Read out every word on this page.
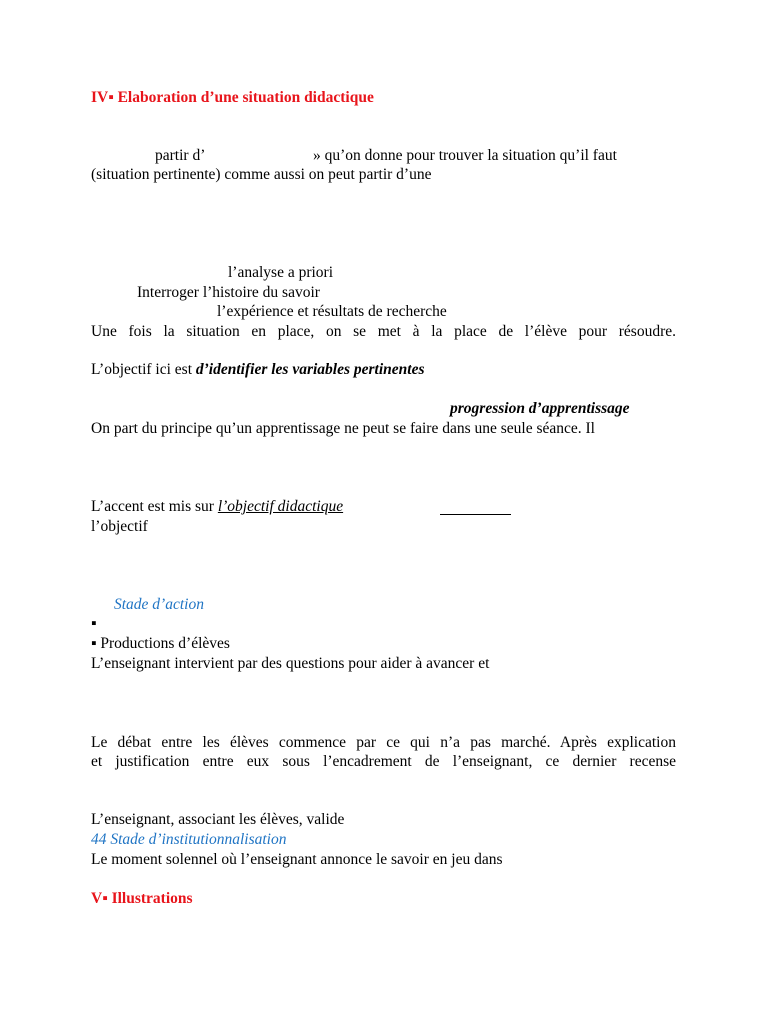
IV▪ Elaboration d’une situation didactique
partir d’	» qu’on donne pour trouver la situation qu’il faut
(situation pertinente) comme aussi on peut partir d’une
l’analyse a priori
Interroger l’histoire du savoir
l’expérience et résultats de recherche
Une fois la situation en place, on se met à la place de l’élève pour résoudre.
L’objectif ici est d’identifier les variables pertinentes
progression d’apprentissage
On part du principe qu’un apprentissage ne peut se faire dans une seule séance. Il
L’accent est mis sur l’objectif didactique
l’objectif
Stade d’action
▪
▪ Productions d’élèves
L’enseignant intervient par des questions pour aider à avancer et
Le débat entre les élèves commence par ce qui n’a pas marché. Après explication
et justification entre eux sous l’encadrement de l’enseignant, ce dernier recense
L’enseignant, associant les élèves, valide
44 Stade d’institutionnalisation
Le moment solennel où l’enseignant annonce le savoir en jeu dans
V▪ Illustrations
